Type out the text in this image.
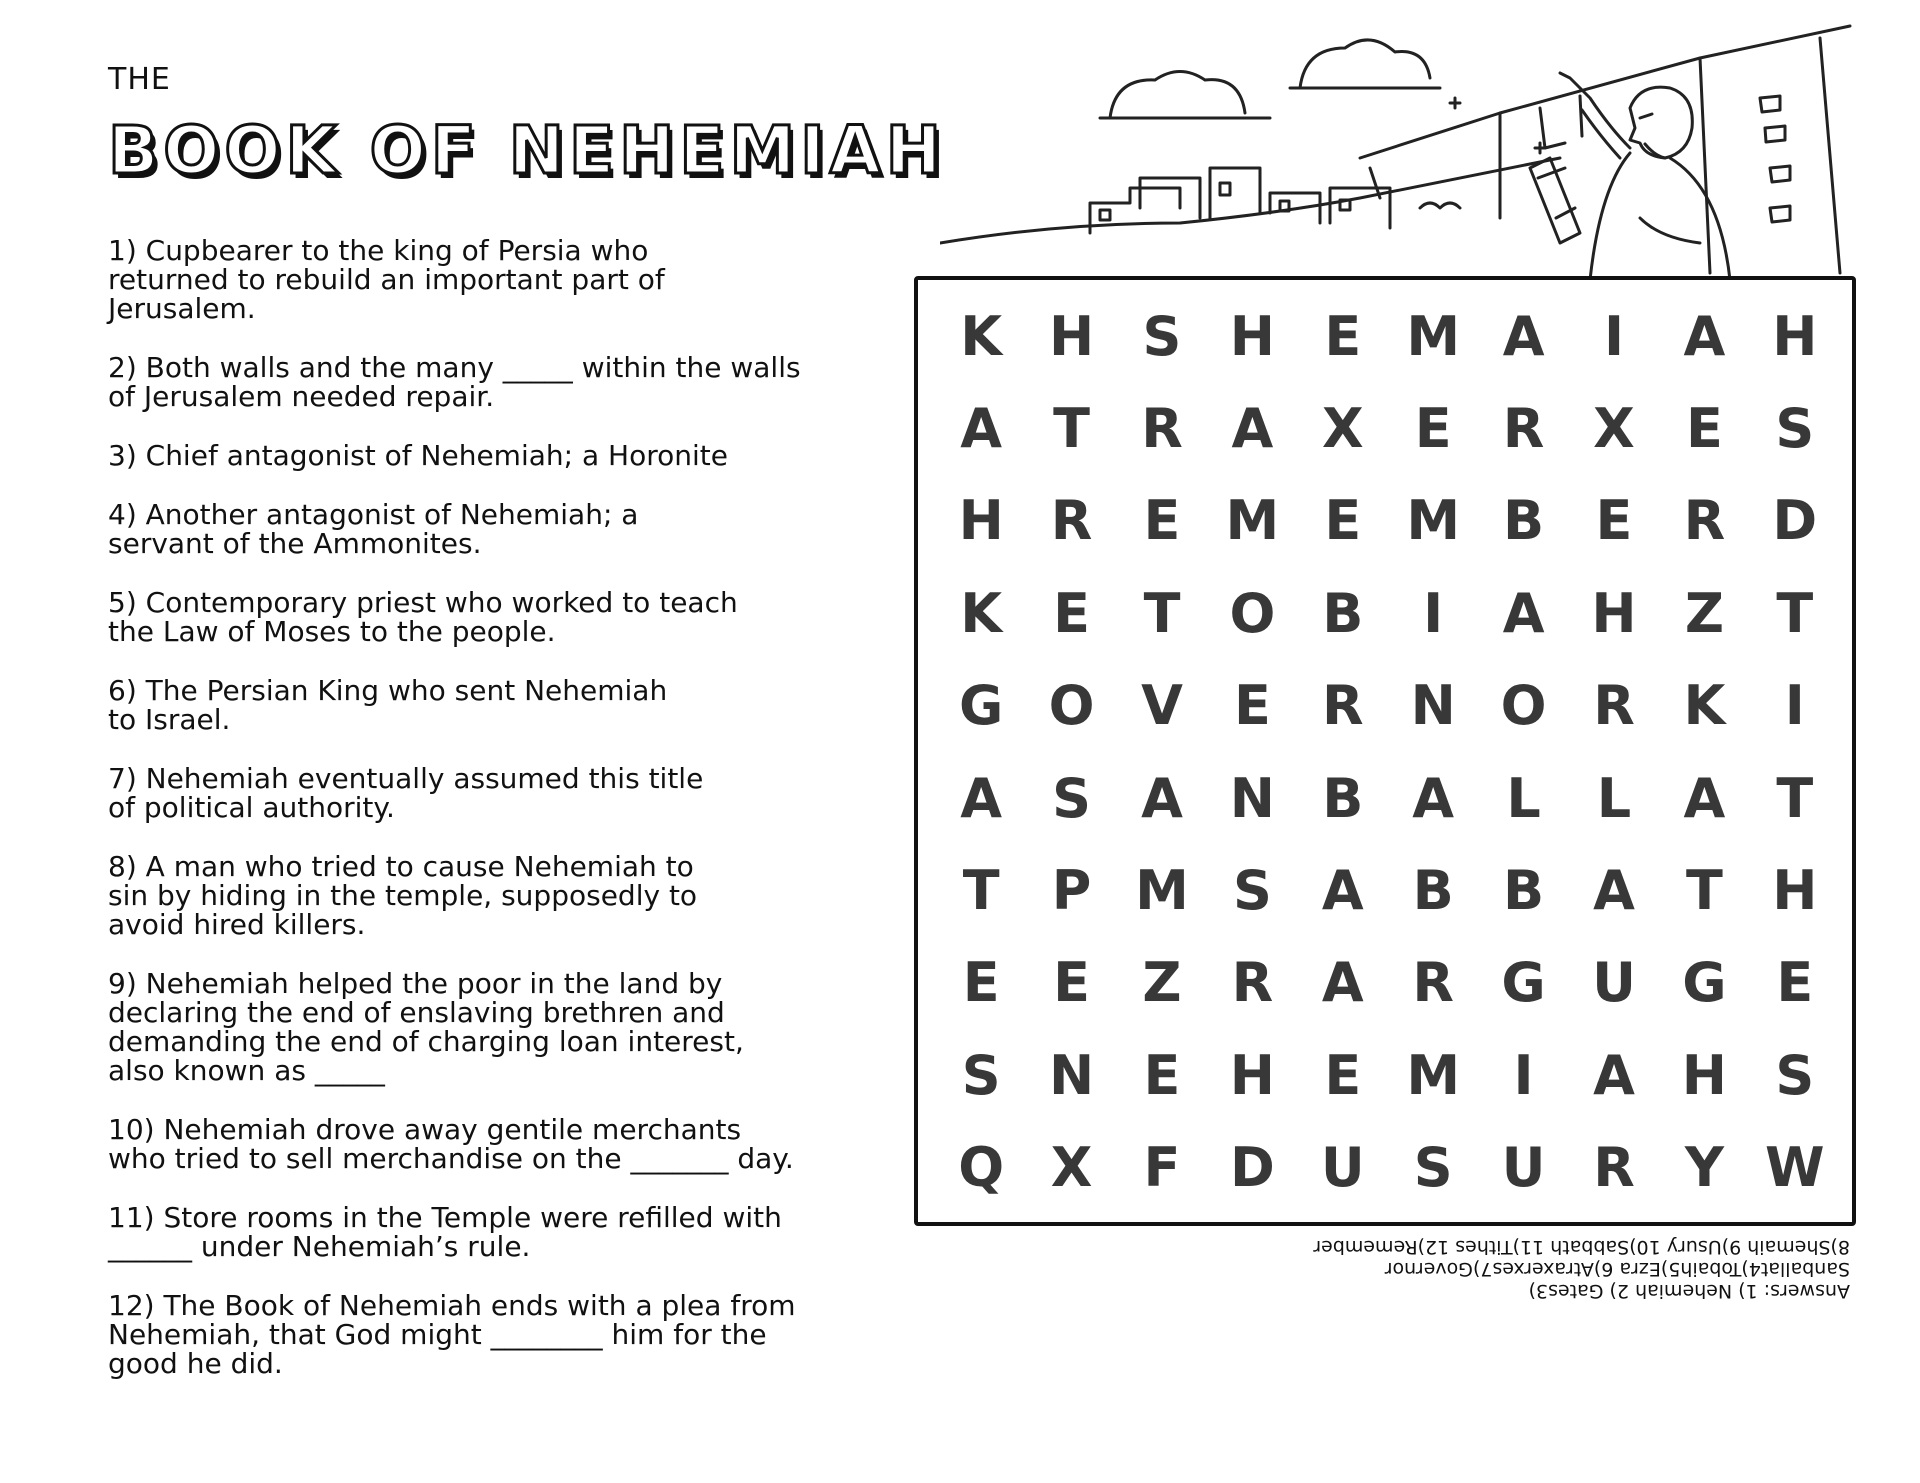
THE
BOOK OF NEHEMIAH
1) Cupbearer to the king of Persia who
returned to rebuild an important part of
Jerusalem.
2) Both walls and the many _____ within the walls
of Jerusalem needed repair.
3) Chief antagonist of Nehemiah; a Horonite
4) Another antagonist of Nehemiah; a
servant of the Ammonites.
5) Contemporary priest who worked to teach
the Law of Moses to the people.
6) The Persian King who sent Nehemiah
to Israel.
7) Nehemiah eventually assumed this title
of political authority.
8) A man who tried to cause Nehemiah to
sin by hiding in the temple, supposedly to
avoid hired killers.
9) Nehemiah helped the poor in the land by
declaring the end of enslaving brethren and
demanding the end of charging loan interest,
also known as _____
10) Nehemiah drove away gentile merchants
who tried to sell merchandise on the _______ day.
11) Store rooms in the Temple were refilled with
______ under Nehemiah’s rule.
12) The Book of Nehemiah ends with a plea from
Nehemiah, that God might ________ him for the
good he did.
K H S H E M A	I	A H
A T R A X E R X E S
H R E M E M B E R D
K E T O B	I	A H Z T
G O V E R N O R K	I
A S A N B A L	L A T
T P M S A B B A T H
E E Z R A R G U G E
S N E H E M I	A H S
Q X F D U S U R Y W
Answers: 1) Nehemiah 2) Gates3)
Sanballat4)Tobaih5)Ezra 6)Atraxerxes7)Governor
8)Shemaih 9)Usury 10)Sabbath 11)Tithes 12)Remember
